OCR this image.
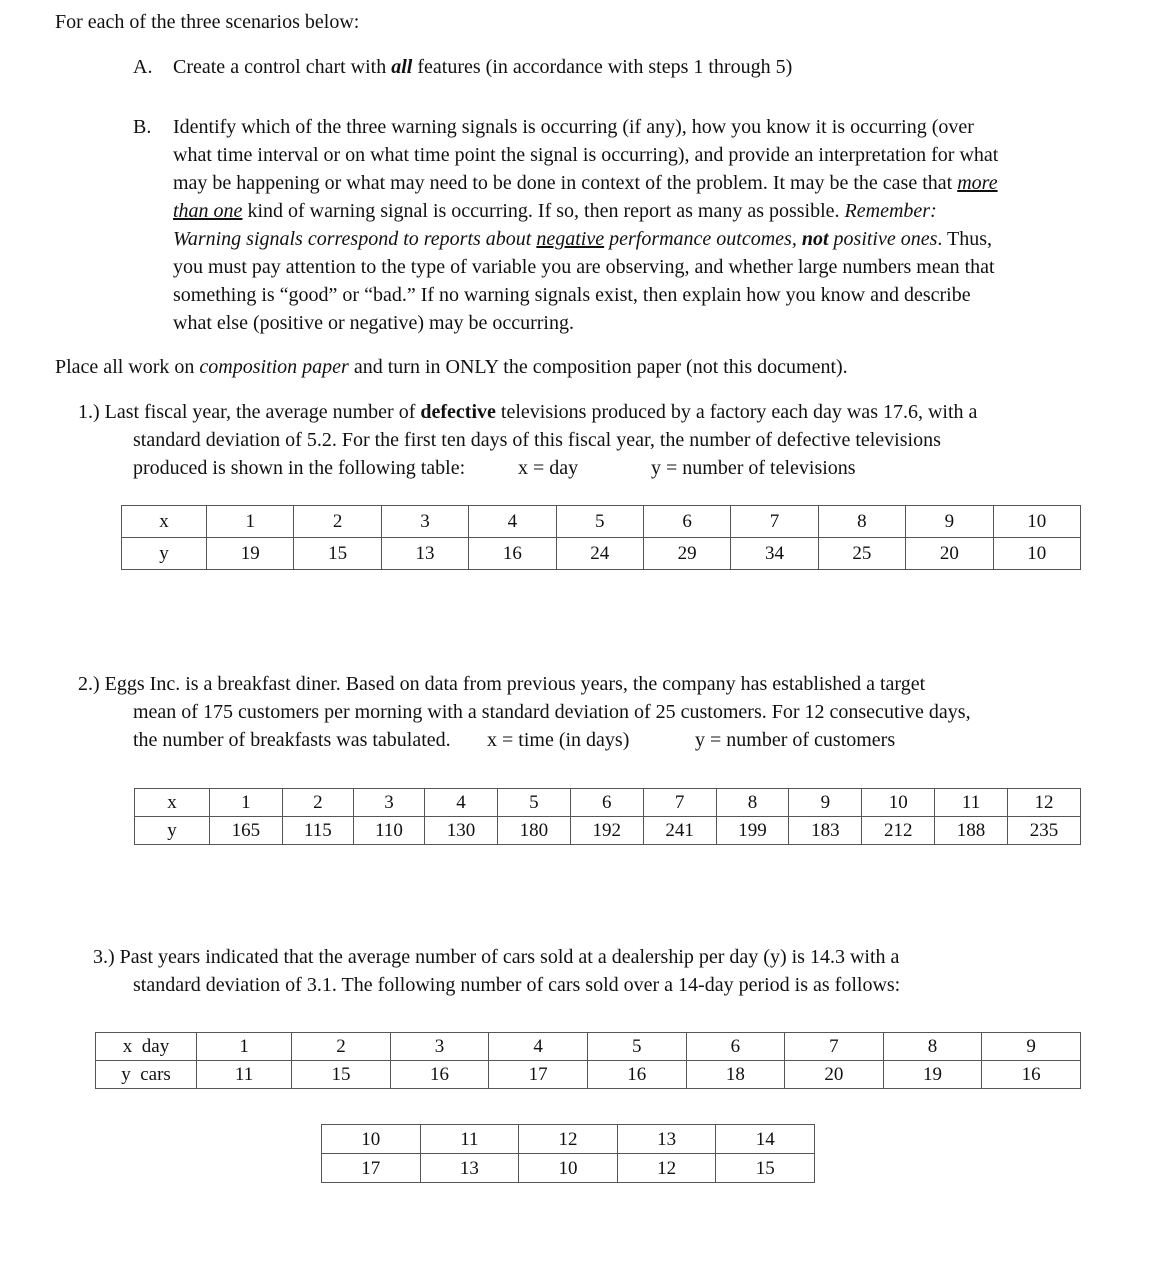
For each of the three scenarios below:
A. Create a control chart with all features (in accordance with steps 1 through 5)
B. Identify which of the three warning signals is occurring (if any), how you know it is occurring (over
what time interval or on what time point the signal is occurring), and provide an interpretation for what
may be happening or what may need to be done in context of the problem. It may be the case that more
than one kind of warning signal is occurring. If so, then report as many as possible. Remember:
Warning signals correspond to reports about negative performance outcomes, not positive ones. Thus,
you must pay attention to the type of variable you are observing, and whether large numbers mean that
something is “good” or “bad.” If no warning signals exist, then explain how you know and describe
what else (positive or negative) may be occurring.
Place all work on composition paper and turn in ONLY the composition paper (not this document).
1.) Last fiscal year, the average number of defective televisions produced by a factory each day was 17.6, with a
standard deviation of 5.2. For the first ten days of this fiscal year, the number of defective televisions
produced is shown in the following table:	x = day	y = number of televisions
x	1	2	3	4	5	6	7	8	9	10
y	19	15	13	16	24	29	34	25	20	10
2.) Eggs Inc. is a breakfast diner. Based on data from previous years, the company has established a target
mean of 175 customers per morning with a standard deviation of 25 customers. For 12 consecutive days,
the number of breakfasts was tabulated. x = time (in days)	y = number of customers
x	1	2	3	4	5	6	7	8	9	10	11	12
y	165	115	110	130	180	192	241	199	183	212	188	235
3.) Past years indicated that the average number of cars sold at a dealership per day (y) is 14.3 with a
standard deviation of 3.1. The following number of cars sold over a 14-day period is as follows:
x  day	1	2	3	4	5	6	7	8	9
y  cars	11	15	16	17	16	18	20	19	16
10	11	12	13	14
17	13	10	12	15
